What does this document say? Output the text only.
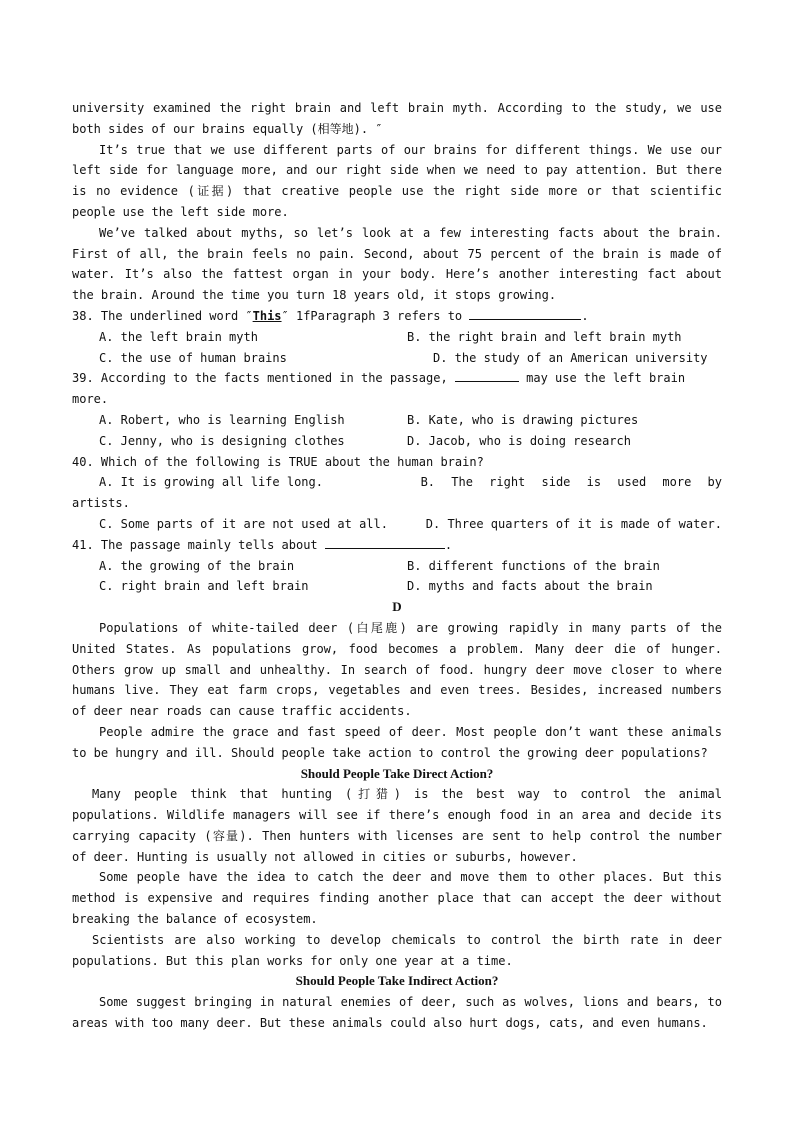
university examined the right brain and left brain myth. According to the study, we use both sides of our brains equally (相等地). ″

It’s true that we use different parts of our brains for different things. We use our left side for language more, and our right side when we need to pay attention. But there is no evidence (证据) that creative people use the right side more or that scientific people use the left side more.

We’ve talked about myths, so let’s look at a few interesting facts about the brain. First of all, the brain feels no pain. Second, about 75 percent of the brain is made of water. It’s also the fattest organ in your body. Here’s another interesting fact about the brain. Around the time you turn 18 years old, it stops growing.

38. The underlined word ″This″ 1fParagraph 3 refers to	.

A. the left brain myth	B. the right brain and left brain myth
C. the use of human brains	D. the study of an American university

39. According to the facts mentioned in the passage,	may use the left brain more.

A. Robert, who is learning English	B. Kate, who is drawing pictures
C. Jenny, who is designing clothes	D. Jacob, who is doing research

40. Which of the following is TRUE about the human brain?

A. It is growing all life long.	B. The right side is used more by

artists.

C. Some parts of it are not used at all.	D. Three quarters of it is made of water.

41. The passage mainly tells about	.

A. the growing of the brain	B. different functions of the brain
C. right brain and left brain	D. myths and facts about the brain

D

Populations of white-tailed deer (白尾鹿) are growing rapidly in many parts of the United States. As populations grow, food becomes a problem. Many deer die of hunger. Others grow up small and unhealthy. In search of food. hungry deer move closer to where humans live. They eat farm crops, vegetables and even trees. Besides, increased numbers of deer near roads can cause traffic accidents.

People admire the grace and fast speed of deer. Most people don’t want these animals to be hungry and ill. Should people take action to control the growing deer populations?

Should People Take Direct Action?

Many people think that hunting (打猎) is the best way to control the animal populations. Wildlife managers will see if there’s enough food in an area and decide its carrying capacity (容量). Then hunters with licenses are sent to help control the number of deer. Hunting is usually not allowed in cities or suburbs, however.

Some people have the idea to catch the deer and move them to other places. But this method is expensive and requires finding another place that can accept the deer without breaking the balance of ecosystem.

Scientists are also working to develop chemicals to control the birth rate in deer populations. But this plan works for only one year at a time.

Should People Take Indirect Action?

Some suggest bringing in natural enemies of deer, such as wolves, lions and bears, to areas with too many deer. But these animals could also hurt dogs, cats, and even humans.
